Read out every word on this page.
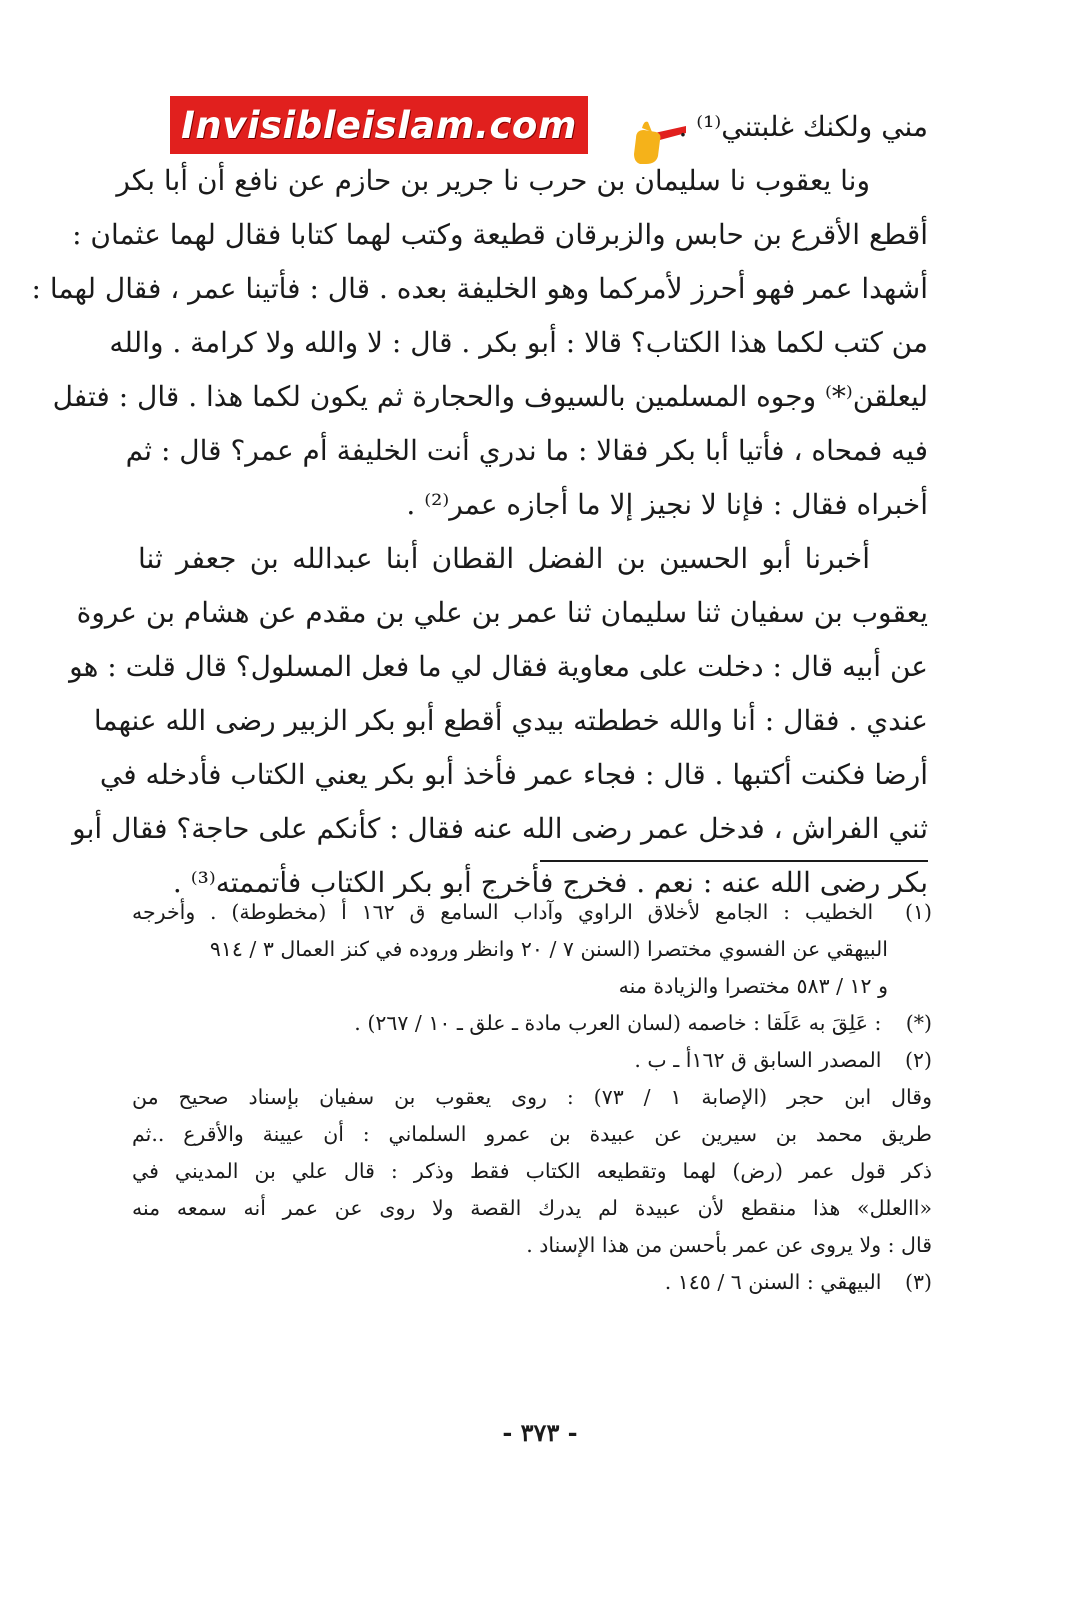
Invisibleislam.com	مني ولكنك غلبتني⁽¹⁾ .
ونا يعقوب نا سليمان بن حرب نا جرير بن حازم عن نافع أن أبا بكر
أقطع الأقرع بن حابس والزبرقان قطيعة وكتب لهما كتابا فقال لهما عثمان :
أشهدا عمر فهو أحرز لأمركما وهو الخليفة بعده . قال : فأتينا عمر ، فقال لهما :
من كتب لكما هذا الكتاب؟ قالا : أبو بكر . قال : لا والله ولا كرامة . والله
ليعلقن⁽*⁾ وجوه المسلمين بالسيوف والحجارة ثم يكون لكما هذا . قال : فتفل
فيه فمحاه ، فأتيا أبا بكر فقالا : ما ندري أنت الخليفة أم عمر؟ قال : ثم
أخبراه فقال : فإنا لا نجيز إلا ما أجازه عمر⁽²⁾ .
أخبرنا أبو الحسين بن الفضل القطان أبنا عبدالله بن جعفر ثنا
يعقوب بن سفيان ثنا سليمان ثنا عمر بن علي بن مقدم عن هشام بن عروة
عن أبيه قال : دخلت على معاوية فقال لي ما فعل المسلول؟ قال قلت : هو
عندي . فقال : أنا والله خططته بيدي أقطع أبو بكر الزبير رضى الله عنهما
أرضا فكنت أكتبها . قال : فجاء عمر فأخذ أبو بكر يعني الكتاب فأدخله في
ثني الفراش ، فدخل عمر رضى الله عنه فقال : كأنكم على حاجة؟ فقال أبو
بكر رضى الله عنه : نعم . فخرج فأخرج أبو بكر الكتاب فأتممته⁽³⁾ .
(١) الخطيب : الجامع لأخلاق الراوي وآداب السامع ق ١٦٢ أ (مخطوطة) . وأخرجه
البيهقي عن الفسوي مختصرا (السنن ٧ / ٢٠ وانظر وروده في كنز العمال ٣ / ٩١٤
و ١٢ / ٥٨٣ مختصرا والزيادة منه
(*) : عَلِقَ به عَلَقا : خاصمه (لسان العرب مادة ـ علق ـ ١٠ / ٢٦٧) .
(٢) المصدر السابق ق ١٦٢أ ـ ب .
وقال ابن حجر (الإصابة ١ / ٧٣) : روى يعقوب بن سفيان بإسناد صحيح من
طريق محمد بن سيرين عن عبيدة بن عمرو السلماني : أن عيينة والأقرع ..ثم
ذكر قول عمر (رض) لهما وتقطيعه الكتاب فقط وذكر : قال علي بن المديني في
«االعلل» هذا منقطع لأن عبيدة لم يدرك القصة ولا روى عن عمر أنه سمعه منه
قال : ولا يروى عن عمر بأحسن من هذا الإسناد .
(٣) البيهقي : السنن ٦ / ١٤٥ .
- ٣٧٣ -
